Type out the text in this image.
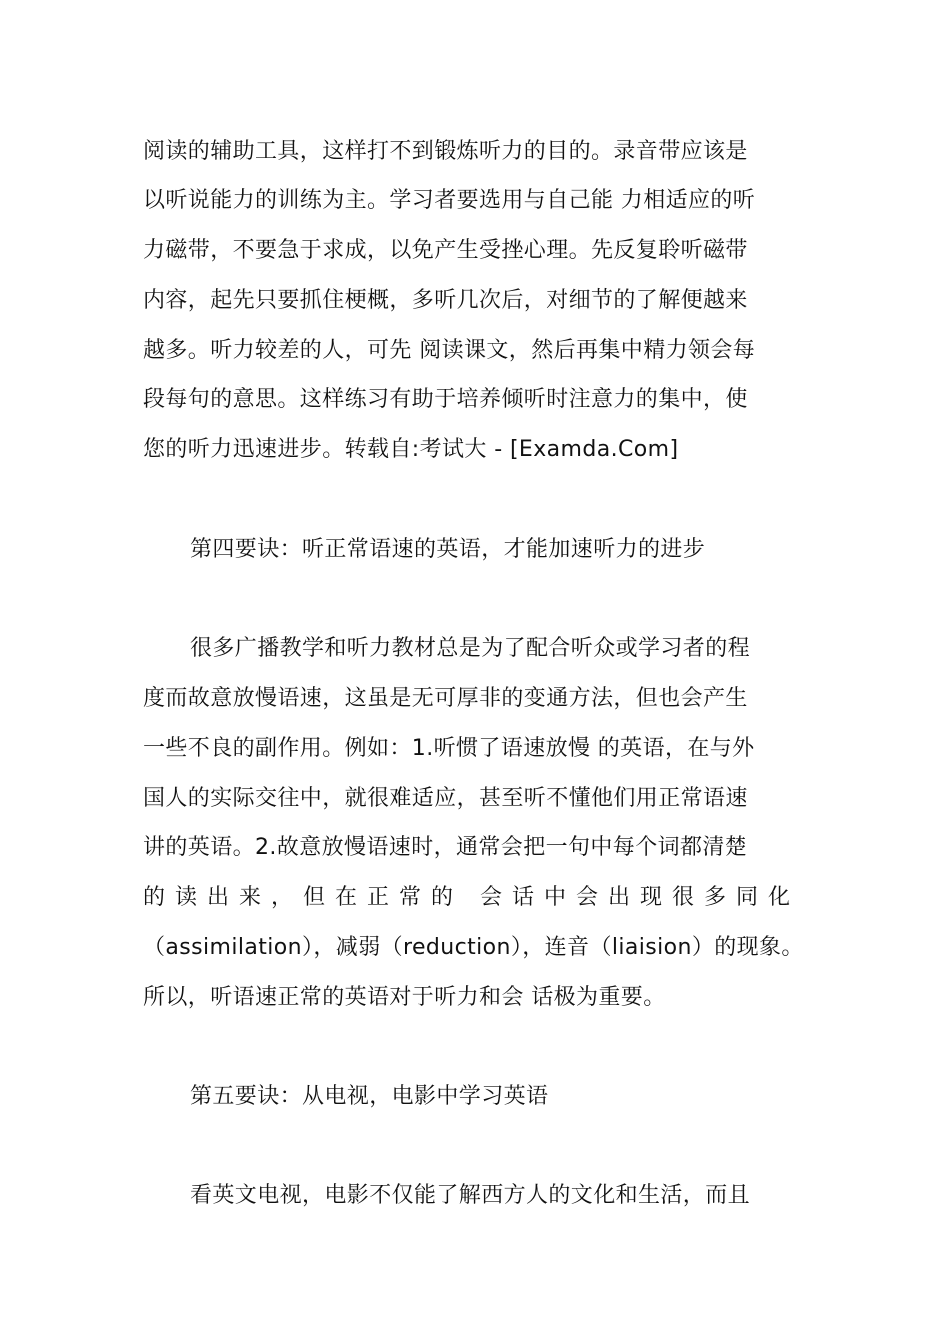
阅读的辅助工具，这样打不到锻炼听力的目的。录音带应该是
以听说能力的训练为主。学习者要选用与自己能 力相适应的听
力磁带，不要急于求成，以免产生受挫心理。先反复聆听磁带
内容，起先只要抓住梗概，多听几次后，对细节的了解便越来
越多。听力较差的人，可先 阅读课文，然后再集中精力领会每
段每句的意思。这样练习有助于培养倾听时注意力的集中，使
您的听力迅速进步。转载自:考试大 - [Examda.Com]
第四要诀：听正常语速的英语，才能加速听力的进步
很多广播教学和听力教材总是为了配合听众或学习者的程
度而故意放慢语速，这虽是无可厚非的变通方法，但也会产生
一些不良的副作用。例如：1.听惯了语速放慢 的英语，在与外
国人的实际交往中，就很难适应，甚至听不懂他们用正常语速
讲的英语。2.故意放慢语速时，通常会把一句中每个词都清楚
的读出来，但在正常的 会话中会出现很多同化
（assimilation），减弱（reduction），连音（liaision）的现象。
所以，听语速正常的英语对于听力和会 话极为重要。
第五要诀：从电视，电影中学习英语
看英文电视，电影不仅能了解西方人的文化和生活，而且
